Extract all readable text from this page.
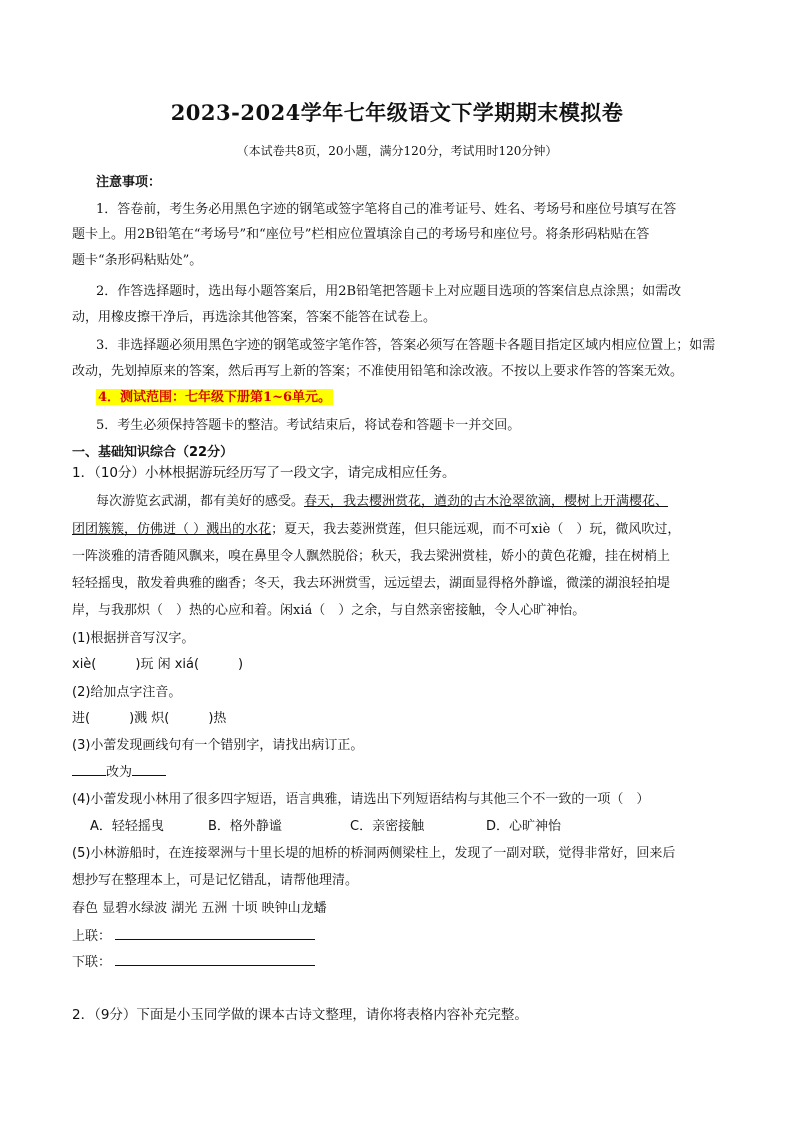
2023-2024学年七年级语文下学期期末模拟卷
（本试卷共8页，20小题，满分120分，考试用时120分钟）
注意事项：
1．答卷前，考生务必用黑色字迹的钢笔或签字笔将自己的准考证号、姓名、考场号和座位号填写在答
题卡上。用2B铅笔在“考场号”和“座位号”栏相应位置填涂自己的考场号和座位号。将条形码粘贴在答
题卡“条形码粘贴处”。
2．作答选择题时，选出每小题答案后，用2B铅笔把答题卡上对应题目选项的答案信息点涂黑；如需改
动，用橡皮擦干净后，再选涂其他答案，答案不能答在试卷上。
3．非选择题必须用黑色字迹的钢笔或签字笔作答，答案必须写在答题卡各题目指定区域内相应位置上；如需
改动，先划掉原来的答案，然后再写上新的答案；不准使用铅笔和涂改液。不按以上要求作答的答案无效。
4．测试范围：七年级下册第1~6单元。
5．考生必须保持答题卡的整洁。考试结束后，将试卷和答题卡一并交回。
一、基础知识综合（22分）
1．（10分）小林根据游玩经历写了一段文字，请完成相应任务。
每次游览玄武湖，都有美好的感受。春天，我去樱洲赏花，遒劲的古木沧翠欲滴，樱树上开满樱花、
团团簇簇，仿佛迸（ ）溅出的水花；夏天，我去菱洲赏莲，但只能远观，而不可xiè（　）玩，微风吹过，
一阵淡雅的清香随风飘来，嗅在鼻里令人飘然脱俗；秋天，我去梁洲赏桂，娇小的黄色花瓣，挂在树梢上
轻轻摇曳，散发着典雅的幽香；冬天，我去环洲赏雪，远远望去，湖面显得格外静谧，微漾的湖浪轻拍堤
岸，与我那炽（　）热的心应和着。闲xiá（　）之余，与自然亲密接触，令人心旷神怡。
(1)根据拼音写汉字。
xiè(　　　)玩 闲 xiá(　　　)
(2)给加点字注音。
进(　　　)溅 炽(　　　)热
(3)小蕾发现画线句有一个错别字，请找出病订正。
改为
(4)小蕾发现小林用了很多四字短语，语言典雅，请选出下列短语结构与其他三个不一致的一项（　）
A．轻轻摇曳	B．格外静谧	C．亲密接触	D．心旷神怡
(5)小林游船时，在连接翠洲与十里长堤的旭桥的桥洞两侧梁柱上，发现了一副对联，觉得非常好，回来后
想抄写在整理本上，可是记忆错乱，请帮他理清。
春色 显碧水绿波 湖光 五洲 十顷 映钟山龙蟠
上联：
下联：
2．（9分）下面是小玉同学做的课本古诗文整理，请你将表格内容补充完整。
